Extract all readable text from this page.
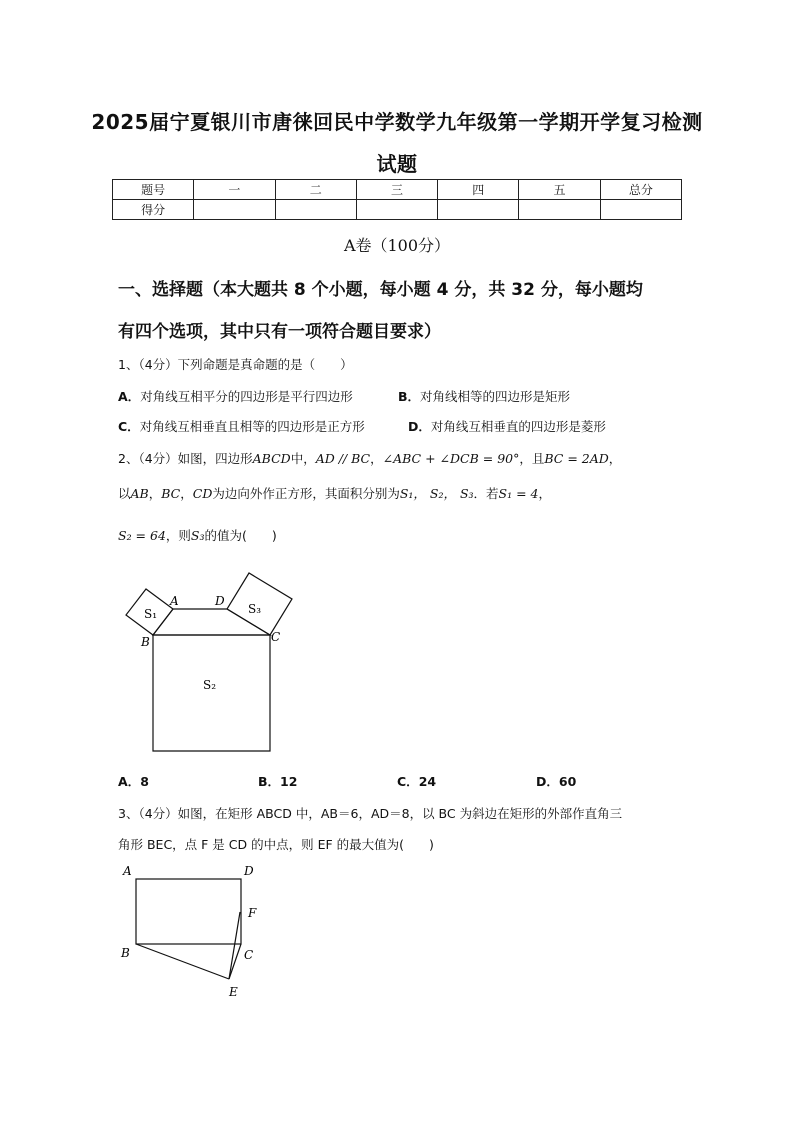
2025届宁夏银川市唐徕回民中学数学九年级第一学期开学复习检测
试题
题号	一	二	三	四	五	总分
得分						
A卷（100分）
一、选择题（本大题共 8 个小题，每小题 4 分，共 32 分，每小题均
有四个选项，其中只有一项符合题目要求）
1、（4分）下列命题是真命题的是（　　）
A．对角线互相平分的四边形是平行四边形	B．对角线相等的四边形是矩形
C．对角线互相垂直且相等的四边形是正方形	D．对角线互相垂直的四边形是菱形
2、（4分）如图，四边形ABCD中，AD // BC，∠ABC + ∠DCB = 90°，且BC = 2AD，
以AB，BC，CD为边向外作正方形，其面积分别为S₁， S₂， S₃．若S₁ = 4，
S₂ = 64，则S₃的值为(　　)
A	D
B	C
S₁	S₃
S₂
A．8	B．12	C．24	D．60
3、（4分）如图，在矩形 ABCD 中，AB＝6，AD＝8，以 BC 为斜边在矩形的外部作直角三
角形 BEC，点 F 是 CD 的中点，则 EF 的最大值为(　　)
A	D
F
B	C
E
